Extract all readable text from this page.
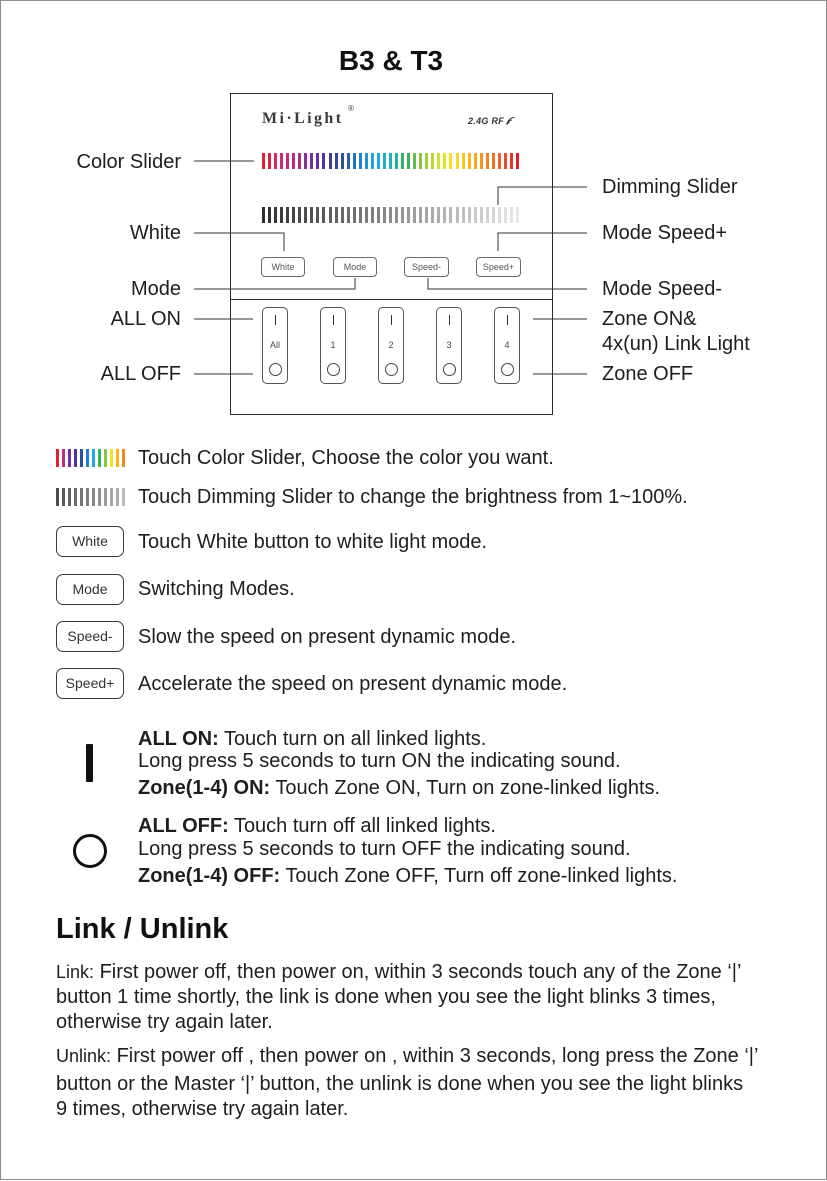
B3 & T3
Mi·Light
®
2.4G RF
White	Mode	Speed-	Speed+
All	1	2	3	4
Color Slider
White
Mode
ALL ON
ALL OFF
Dimming Slider
Mode Speed+
Mode Speed-
Zone ON&
4x(un) Link Light
Zone OFF
Touch Color Slider, Choose the color you want.
Touch Dimming Slider to change the brightness from 1~100%.
White	Touch White button to white light mode.
Mode	Switching Modes.
Speed-	Slow the speed on present dynamic mode.
Speed+	Accelerate the speed on present dynamic mode.
ALL ON: Touch turn on all linked lights.
Long press 5 seconds to turn ON the indicating sound.
Zone(1-4) ON: Touch Zone ON, Turn on zone-linked lights.
ALL OFF: Touch turn off all linked lights.
Long press 5 seconds to turn OFF the indicating sound.
Zone(1-4) OFF: Touch Zone OFF, Turn off zone-linked lights.
Link / Unlink
Link: First power off, then power on, within 3 seconds touch any of the Zone ‘|’
button 1 time shortly, the link is done when you see the light blinks 3 times,
otherwise try again later.
Unlink: First power off , then power on , within 3 seconds, long press the Zone ‘|’
button or the Master ‘|’ button, the unlink is done when you see the light blinks
9 times, otherwise try again later.
